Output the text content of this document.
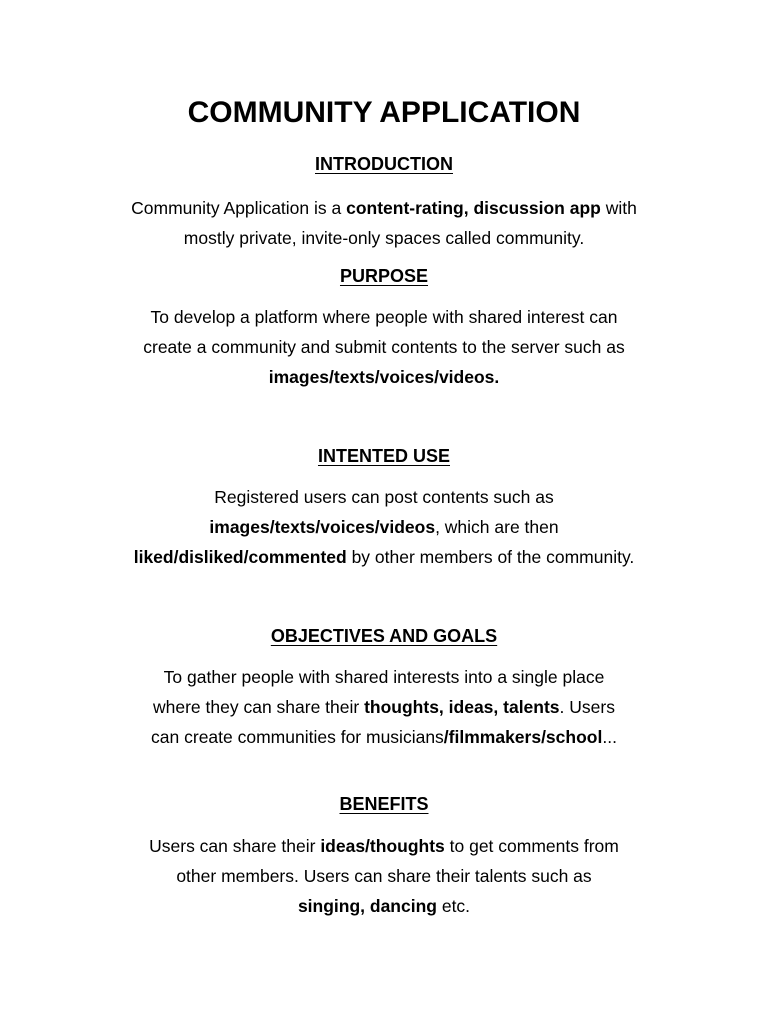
COMMUNITY APPLICATION
INTRODUCTION
Community Application is a content-rating, discussion app with
mostly private, invite-only spaces called community.
PURPOSE
To develop a platform where people with shared interest can
create a community and submit contents to the server such as
images/texts/voices/videos.
INTENTED USE
Registered users can post contents such as
images/texts/voices/videos, which are then
liked/disliked/commented by other members of the community.
OBJECTIVES AND GOALS
To gather people with shared interests into a single place
where they can share their thoughts, ideas, talents. Users
can create communities for musicians/filmmakers/school...
BENEFITS
Users can share their ideas/thoughts to get comments from
other members. Users can share their talents such as
singing, dancing etc.
